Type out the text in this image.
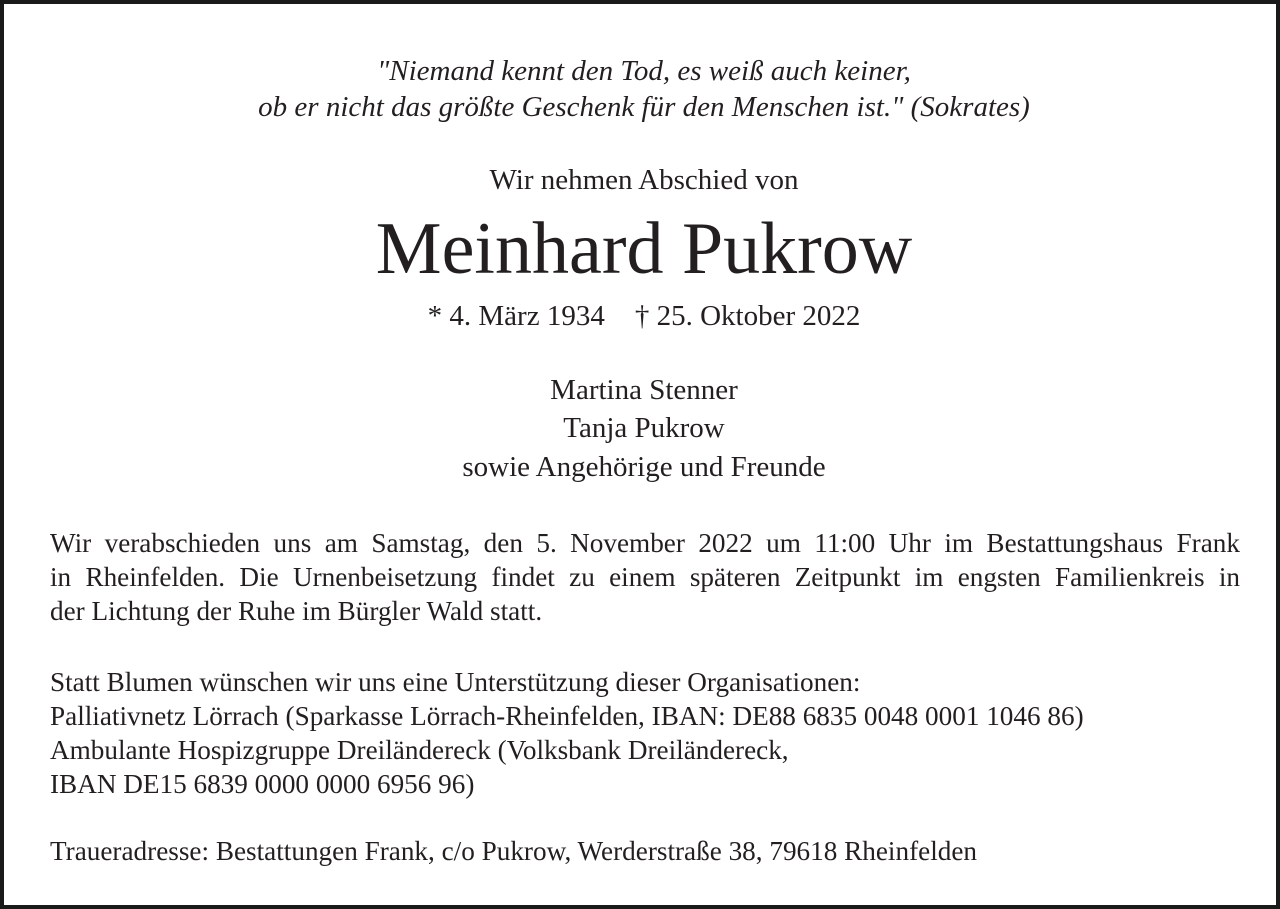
"Niemand kennt den Tod, es weiß auch keiner,
ob er nicht das größte Geschenk für den Menschen ist." (Sokrates)
Wir nehmen Abschied von
Meinhard Pukrow
* 4. März 1934 † 25. Oktober 2022
Martina Stenner
Tanja Pukrow
sowie Angehörige und Freunde
Wir verabschieden uns am Samstag, den 5. November 2022 um 11:00 Uhr im Bestattungshaus Frank
in Rheinfelden. Die Urnenbeisetzung findet zu einem späteren Zeitpunkt im engsten Familienkreis in
der Lichtung der Ruhe im Bürgler Wald statt.
Statt Blumen wünschen wir uns eine Unterstützung dieser Organisationen:
Palliativnetz Lörrach (Sparkasse Lörrach-Rheinfelden, IBAN: DE88 6835 0048 0001 1046 86)
Ambulante Hospizgruppe Dreiländereck (Volksbank Dreiländereck,
IBAN DE15 6839 0000 0000 6956 96)
Traueradresse: Bestattungen Frank, c/o Pukrow, Werderstraße 38, 79618 Rheinfelden
